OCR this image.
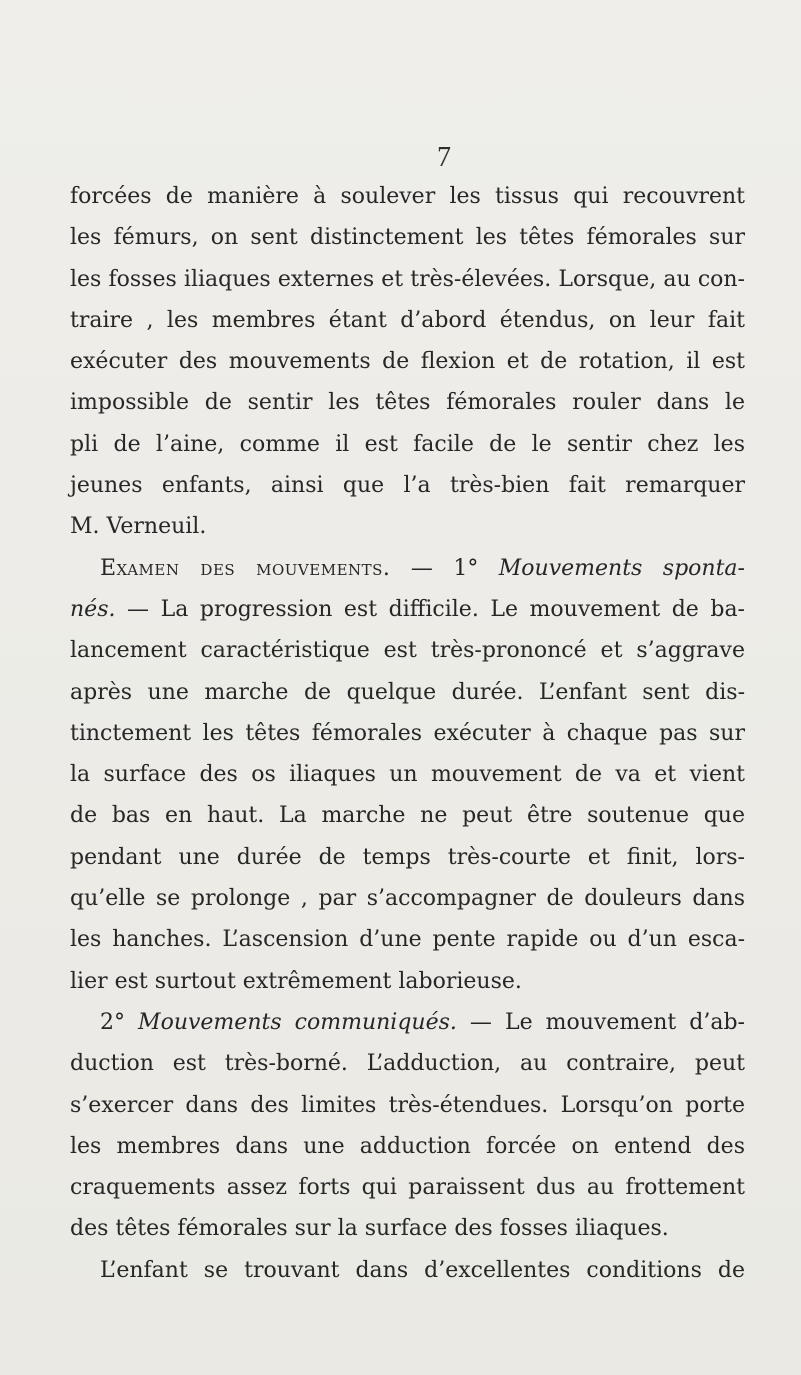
7
forcées de manière à soulever les tissus qui recouvrent
les fémurs, on sent distinctement les têtes fémorales sur
les fosses iliaques externes et très-élevées. Lorsque, au con-
traire , les membres étant d’abord étendus, on leur fait
exécuter des mouvements de flexion et de rotation, il est
impossible de sentir les têtes fémorales rouler dans le
pli de l’aine, comme il est facile de le sentir chez les
jeunes enfants, ainsi que l’a très-bien fait remarquer
M. Verneuil.
Examen des mouvements. — 1° Mouvements sponta-
nés. — La progression est difficile. Le mouvement de ba-
lancement caractéristique est très-prononcé et s’aggrave
après une marche de quelque durée. L’enfant sent dis-
tinctement les têtes fémorales exécuter à chaque pas sur
la surface des os iliaques un mouvement de va et vient
de bas en haut. La marche ne peut être soutenue que
pendant une durée de temps très-courte et finit, lors-
qu’elle se prolonge , par s’accompagner de douleurs dans
les hanches. L’ascension d’une pente rapide ou d’un esca-
lier est surtout extrêmement laborieuse.
2° Mouvements communiqués. — Le mouvement d’ab-
duction est très-borné. L’adduction, au contraire, peut
s’exercer dans des limites très-étendues. Lorsqu’on porte
les membres dans une adduction forcée on entend des
craquements assez forts qui paraissent dus au frottement
des têtes fémorales sur la surface des fosses iliaques.
L’enfant se trouvant dans d’excellentes conditions de
